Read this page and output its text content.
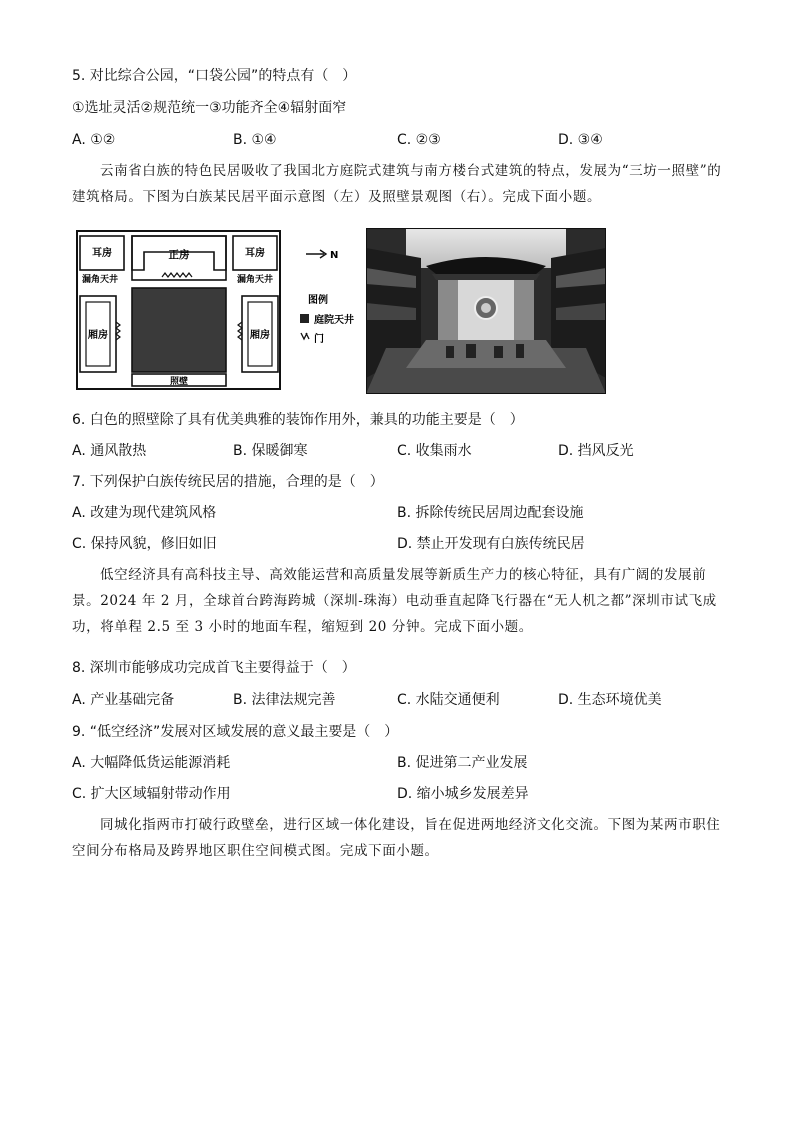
5. 对比综合公园，“口袋公园”的特点有（　）
①选址灵活②规范统一③功能齐全④辐射面窄
A. ①②	B. ①④	C. ②③	D. ③④
云南省白族的特色民居吸收了我国北方庭院式建筑与南方楼台式建筑的特点，发展为“三坊一照壁”的建筑格局。下图为白族某民居平面示意图（左）及照壁景观图（右）。完成下面小题。
耳房	正房	耳房
漏角天井	漏角天井
厢房	厢房
照壁
N
图例
庭院天井
门
6. 白色的照壁除了具有优美典雅的装饰作用外，兼具的功能主要是（　）
A. 通风散热	B. 保暖御寒	C. 收集雨水	D. 挡风反光
7. 下列保护白族传统民居的措施，合理的是（　）
A. 改建为现代建筑风格	B. 拆除传统民居周边配套设施
C. 保持风貌，修旧如旧	D. 禁止开发现有白族传统民居
低空经济具有高科技主导、高效能运营和高质量发展等新质生产力的核心特征，具有广阔的发展前景。2024 年 2 月，全球首台跨海跨城（深圳-珠海）电动垂直起降飞行器在“无人机之都”深圳市试飞成功，将单程 2.5 至 3 小时的地面车程，缩短到 20 分钟。完成下面小题。
8. 深圳市能够成功完成首飞主要得益于（　）
A. 产业基础完备	B. 法律法规完善	C. 水陆交通便利	D. 生态环境优美
9. “低空经济”发展对区域发展的意义最主要是（　）
A. 大幅降低货运能源消耗	B. 促进第二产业发展
C. 扩大区域辐射带动作用	D. 缩小城乡发展差异
同城化指两市打破行政壁垒，进行区域一体化建设，旨在促进两地经济文化交流。下图为某两市职住空间分布格局及跨界地区职住空间模式图。完成下面小题。
